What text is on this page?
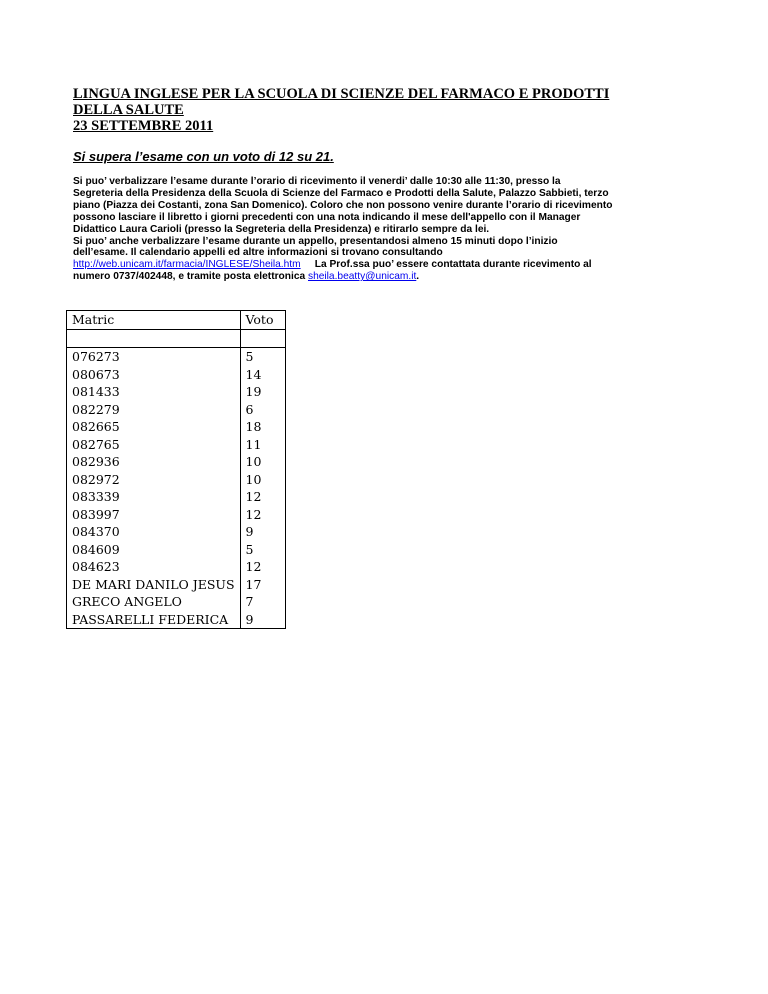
LINGUA INGLESE PER LA SCUOLA DI SCIENZE DEL FARMACO E PRODOTTI
DELLA SALUTE
23 SETTEMBRE 2011
Si supera l’esame con un voto di 12 su 21.
Si puo’ verbalizzare l’esame durante l’orario di ricevimento il venerdi’ dalle 10:30 alle 11:30, presso la
Segreteria della Presidenza della Scuola di Scienze del Farmaco e Prodotti della Salute, Palazzo Sabbieti, terzo
piano (Piazza dei Costanti, zona San Domenico). Coloro che non possono venire durante l’orario di ricevimento
possono lasciare il libretto i giorni precedenti con una nota indicando il mese dell'appello con il Manager
Didattico Laura Carioli (presso la Segreteria della Presidenza) e ritirarlo sempre da lei.
Si puo’ anche verbalizzare l’esame durante un appello, presentandosi almeno 15 minuti dopo l’inizio
dell’esame. Il calendario appelli ed altre informazioni si trovano consultando
http://web.unicam.it/farmacia/INGLESE/Sheila.htm La Prof.ssa puo’ essere contattata durante ricevimento al
numero 0737/402448, e tramite posta elettronica sheila.beatty@unicam.it.
Matric	Voto

076273	5
080673	14
081433	19
082279	6
082665	18
082765	11
082936	10
082972	10
083339	12
083997	12
084370	9
084609	5
084623	12
DE MARI DANILO JESUS	17
GRECO ANGELO	7
PASSARELLI FEDERICA	9
